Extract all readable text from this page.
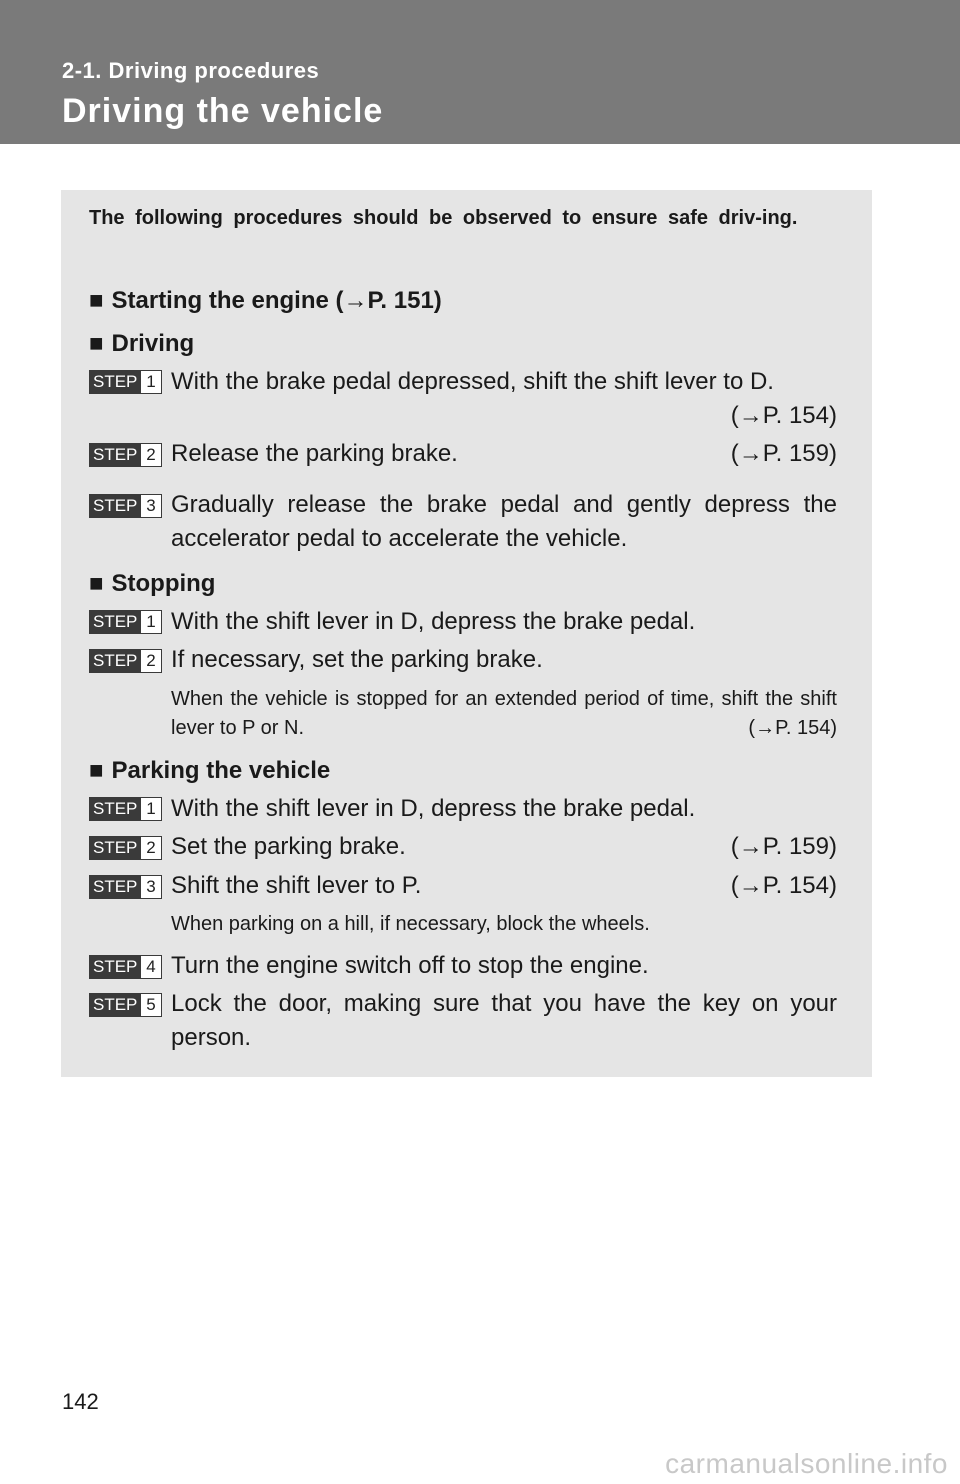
2-1. Driving procedures
Driving the vehicle
The following procedures should be observed to ensure safe driv-ing.
■ Starting the engine (→P. 151)
■ Driving
STEP 1 With the brake pedal depressed, shift the shift lever to D.
(→P. 154)
STEP 2 Release the parking brake.	(→P. 159)
STEP 3 Gradually release the brake pedal and gently depress the accelerator pedal to accelerate the vehicle.
■ Stopping
STEP 1 With the shift lever in D, depress the brake pedal.
STEP 2 If necessary, set the parking brake.
When the vehicle is stopped for an extended period of time, shift the shift lever to P or N.	(→P. 154)
■ Parking the vehicle
STEP 1 With the shift lever in D, depress the brake pedal.
STEP 2 Set the parking brake.	(→P. 159)
STEP 3 Shift the shift lever to P.	(→P. 154)
When parking on a hill, if necessary, block the wheels.
STEP 4 Turn the engine switch off to stop the engine.
STEP 5 Lock the door, making sure that you have the key on your person.
142
carmanualsonline.info
